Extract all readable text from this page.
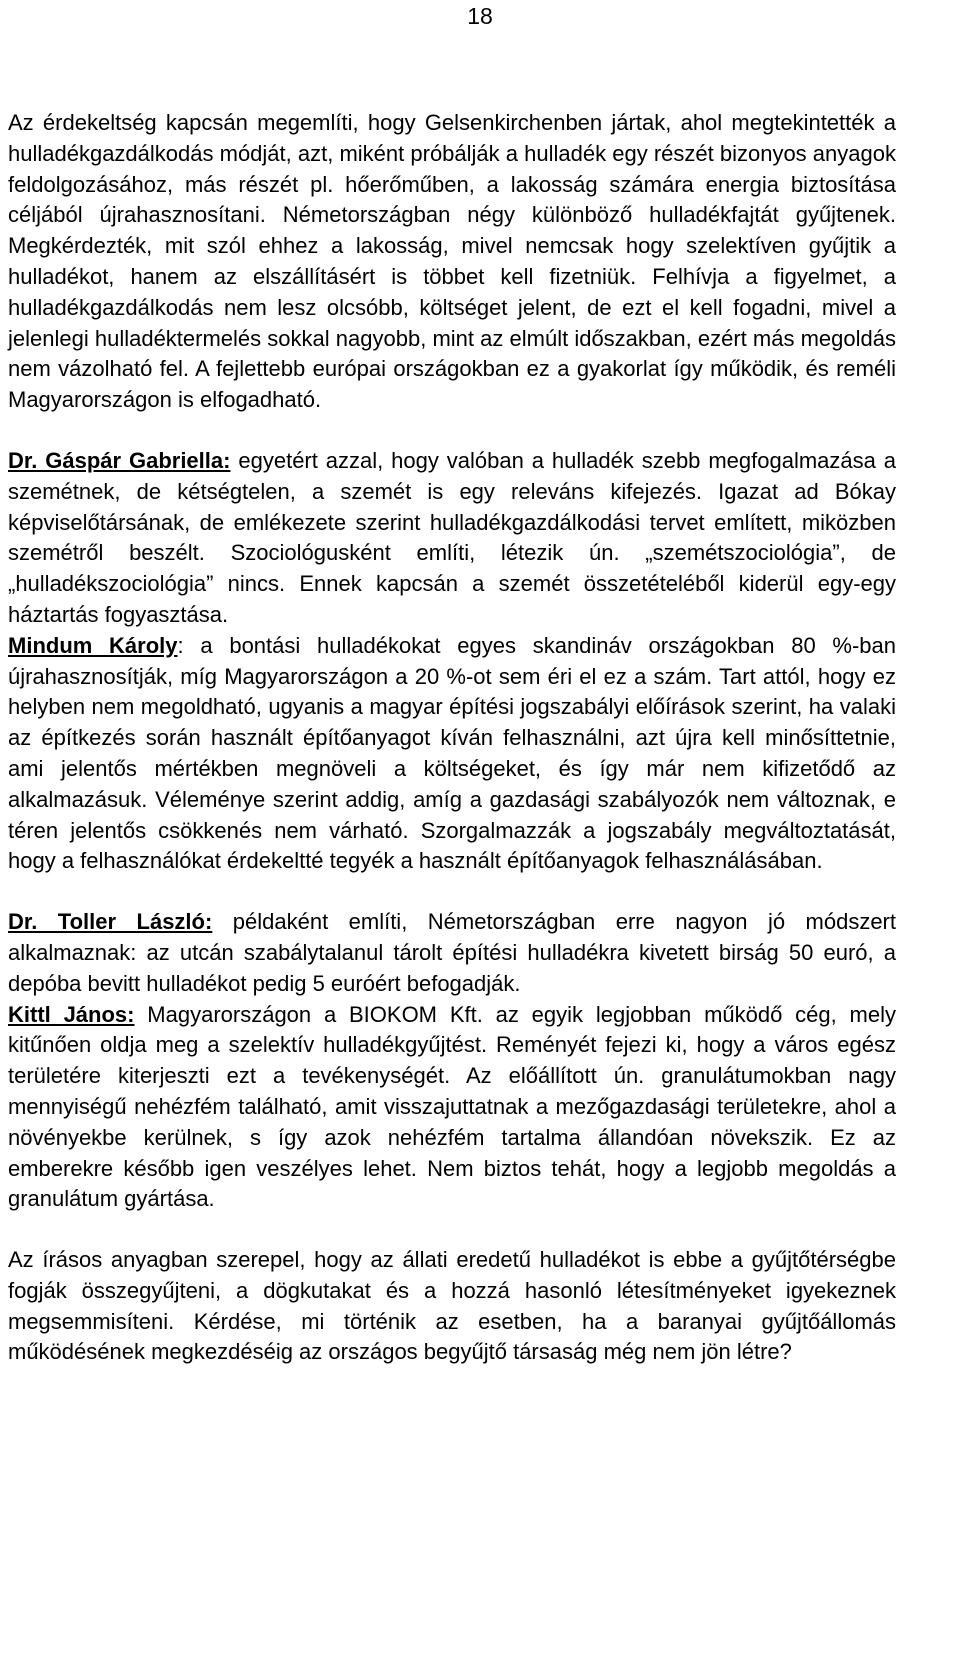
18

Az érdekeltség kapcsán megemlíti, hogy Gelsenkirchenben jártak, ahol megtekintették a hulladékgazdálkodás módját, azt, miként próbálják a hulladék egy részét bizonyos anyagok feldolgozásához, más részét pl. hőerőműben, a lakosság számára energia biztosítása céljából újrahasznosítani. Németországban négy különböző hulladékfajtát gyűjtenek. Megkérdezték, mit szól ehhez a lakosság, mivel nemcsak hogy szelektíven gyűjtik a hulladékot, hanem az elszállításért is többet kell fizetniük. Felhívja a figyelmet, a hulladékgazdálkodás nem lesz olcsóbb, költséget jelent, de ezt el kell fogadni, mivel a jelenlegi hulladéktermelés sokkal nagyobb, mint az elmúlt időszakban, ezért más megoldás nem vázolható fel. A fejlettebb európai országokban ez a gyakorlat így működik, és reméli Magyarországon is elfogadható.

Dr. Gáspár Gabriella: egyetért azzal, hogy valóban a hulladék szebb megfogalmazása a szemétnek, de kétségtelen, a szemét is egy releváns kifejezés. Igazat ad Bókay képviselőtársának, de emlékezete szerint hulladékgazdálkodási tervet említett, miközben szemétről beszélt. Szociológusként említi, létezik ún. „szemétszociológia”, de „hulladékszociológia” nincs. Ennek kapcsán a szemét összetételéből kiderül egy-egy háztartás fogyasztása.

Mindum Károly: a bontási hulladékokat egyes skandináv országokban 80 %-ban újrahasznosítják, míg Magyarországon a 20 %-ot sem éri el ez a szám. Tart attól, hogy ez helyben nem megoldható, ugyanis a magyar építési jogszabályi előírások szerint, ha valaki az építkezés során használt építőanyagot kíván felhasználni, azt újra kell minősíttetnie, ami jelentős mértékben megnöveli a költségeket, és így már nem kifizetődő az alkalmazásuk. Véleménye szerint addig, amíg a gazdasági szabályozók nem változnak, e téren jelentős csökkenés nem várható. Szorgalmazzák a jogszabály megváltoztatását, hogy a felhasználókat érdekeltté tegyék a használt építőanyagok felhasználásában.

Dr. Toller László: példaként említi, Németországban erre nagyon jó módszert alkalmaznak: az utcán szabálytalanul tárolt építési hulladékra kivetett birság 50 euró, a depóba bevitt hulladékot pedig 5 euróért befogadják.

Kittl János: Magyarországon a BIOKOM Kft. az egyik legjobban működő cég, mely kitűnően oldja meg a szelektív hulladékgyűjtést. Reményét fejezi ki, hogy a város egész területére kiterjeszti ezt a tevékenységét. Az előállított ún. granulátumokban nagy mennyiségű nehézfém található, amit visszajuttatnak a mezőgazdasági területekre, ahol a növényekbe kerülnek, s így azok nehézfém tartalma állandóan növekszik. Ez az emberekre később igen veszélyes lehet. Nem biztos tehát, hogy a legjobb megoldás a granulátum gyártása.

Az írásos anyagban szerepel, hogy az állati eredetű hulladékot is ebbe a gyűjtőtérségbe fogják összegyűjteni, a dögkutakat és a hozzá hasonló létesítményeket igyekeznek megsemmisíteni. Kérdése, mi történik az esetben, ha a baranyai gyűjtőállomás működésének megkezdéséig az országos begyűjtő társaság még nem jön létre?
